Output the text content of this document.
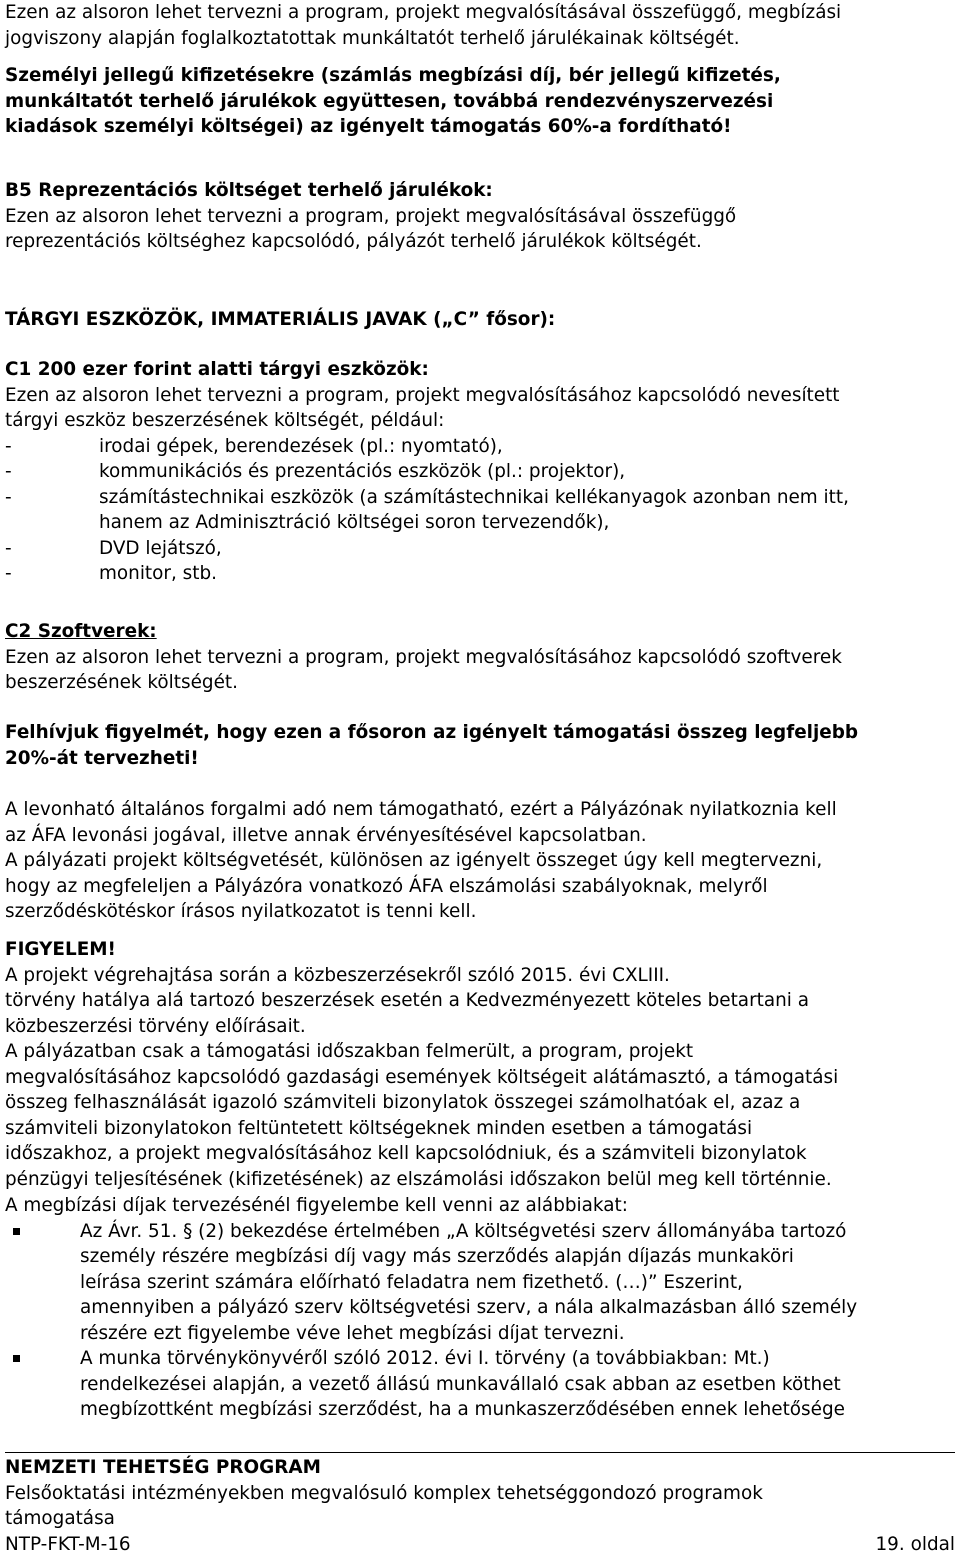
Ezen az alsoron lehet tervezni a program, projekt megvalósításával összefüggő, megbízási
jogviszony alapján foglalkoztatottak munkáltatót terhelő járulékainak költségét.
Személyi jellegű kifizetésekre (számlás megbízási díj, bér jellegű kifizetés,
munkáltatót terhelő járulékok együttesen, továbbá rendezvényszervezési
kiadások személyi költségei) az igényelt támogatás 60%-a fordítható!
B5 Reprezentációs költséget terhelő járulékok:
Ezen az alsoron lehet tervezni a program, projekt megvalósításával összefüggő
reprezentációs költséghez kapcsolódó, pályázót terhelő járulékok költségét.
TÁRGYI ESZKÖZÖK, IMMATERIÁLIS JAVAK („C” fősor):
C1 200 ezer forint alatti tárgyi eszközök:
Ezen az alsoron lehet tervezni a program, projekt megvalósításához kapcsolódó nevesített
tárgyi eszköz beszerzésének költségét, például:
-	irodai gépek, berendezések (pl.: nyomtató),
-	kommunikációs és prezentációs eszközök (pl.: projektor),
-	számítástechnikai eszközök (a számítástechnikai kellékanyagok azonban nem itt,
hanem az Adminisztráció költségei soron tervezendők),
-	DVD lejátszó,
-	monitor, stb.
C2 Szoftverek:
Ezen az alsoron lehet tervezni a program, projekt megvalósításához kapcsolódó szoftverek
beszerzésének költségét.
Felhívjuk figyelmét, hogy ezen a fősoron az igényelt támogatási összeg legfeljebb
20%-át tervezheti!
A levonható általános forgalmi adó nem támogatható, ezért a Pályázónak nyilatkoznia kell
az ÁFA levonási jogával, illetve annak érvényesítésével kapcsolatban.
A pályázati projekt költségvetését, különösen az igényelt összeget úgy kell megtervezni,
hogy az megfeleljen a Pályázóra vonatkozó ÁFA elszámolási szabályoknak, melyről
szerződéskötéskor írásos nyilatkozatot is tenni kell.
FIGYELEM!
A projekt végrehajtása során a közbeszerzésekről szóló 2015. évi CXLIII.
törvény hatálya alá tartozó beszerzések esetén a Kedvezményezett köteles betartani a
közbeszerzési törvény előírásait.
A pályázatban csak a támogatási időszakban felmerült, a program, projekt
megvalósításához kapcsolódó gazdasági események költségeit alátámasztó, a támogatási
összeg felhasználását igazoló számviteli bizonylatok összegei számolhatóak el, azaz a
számviteli bizonylatokon feltüntetett költségeknek minden esetben a támogatási
időszakhoz, a projekt megvalósításához kell kapcsolódniuk, és a számviteli bizonylatok
pénzügyi teljesítésének (kifizetésének) az elszámolási időszakon belül meg kell történnie.
A megbízási díjak tervezésénél figyelembe kell venni az alábbiakat:
Az Ávr. 51. § (2) bekezdése értelmében „A költségvetési szerv állományába tartozó
személy részére megbízási díj vagy más szerződés alapján díjazás munkaköri
leírása szerint számára előírható feladatra nem fizethető. (…)” Eszerint,
amennyiben a pályázó szerv költségvetési szerv, a nála alkalmazásban álló személy
részére ezt figyelembe véve lehet megbízási díjat tervezni.
A munka törvénykönyvéről szóló 2012. évi I. törvény (a továbbiakban: Mt.)
rendelkezései alapján, a vezető állású munkavállaló csak abban az esetben köthet
megbízottként megbízási szerződést, ha a munkaszerződésében ennek lehetősége
NEMZETI TEHETSÉG PROGRAM
Felsőoktatási intézményekben megvalósuló komplex tehetséggondozó programok
támogatása
NTP-FKT-M-16	19. oldal
